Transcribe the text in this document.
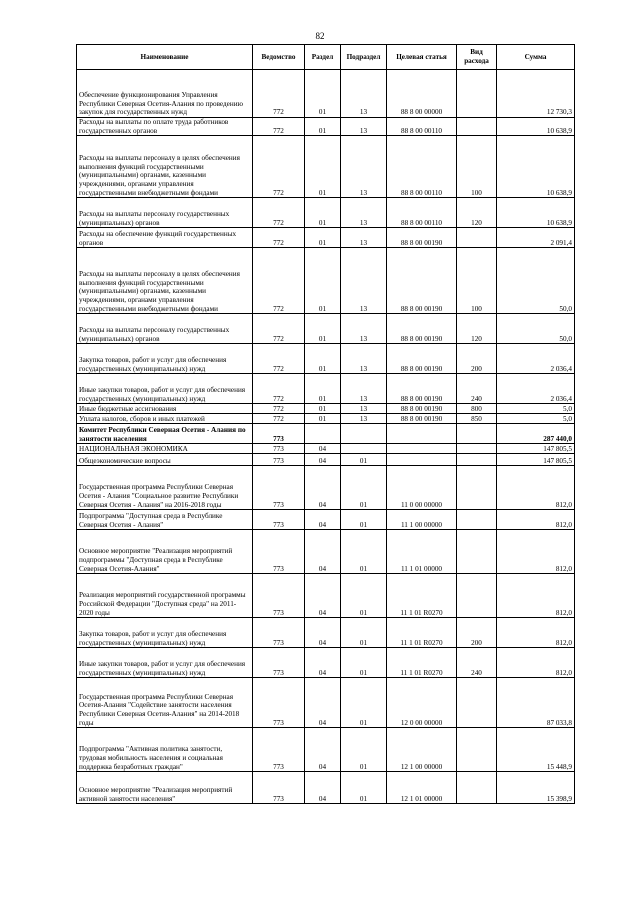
82
Наименование	Ведомство	Раздел	Подраздел	Целевая статья	Вид расхода	Сумма
Обеспечение функционирования Управления Республики Северная Осетия-Алания по проведению закупок для государственных нужд	772	01	13	88 8 00 00000		12 730,3
Расходы на выплаты по оплате труда работников государственных органов	772	01	13	88 8 00 00110		10 638,9
Расходы на выплаты персоналу в целях обеспечения выполнения функций государственными (муниципальными) органами, казенными учреждениями, органами управления государственными внебюджетными фондами	772	01	13	88 8 00 00110	100	10 638,9
Расходы на выплаты персоналу государственных (муниципальных) органов	772	01	13	88 8 00 00110	120	10 638,9
Расходы на обеспечение функций государственных органов	772	01	13	88 8 00 00190		2 091,4
Расходы на выплаты персоналу в целях обеспечения выполнения функций государственными (муниципальными) органами, казенными учреждениями, органами управления государственными внебюджетными фондами	772	01	13	88 8 00 00190	100	50,0
Расходы на выплаты персоналу государственных (муниципальных) органов	772	01	13	88 8 00 00190	120	50,0
Закупка товаров, работ и услуг для обеспечения государственных (муниципальных) нужд	772	01	13	88 8 00 00190	200	2 036,4
Иные закупки товаров, работ и услуг для обеспечения государственных (муниципальных) нужд	772	01	13	88 8 00 00190	240	2 036,4
Иные бюджетные ассигнования	772	01	13	88 8 00 00190	800	5,0
Уплата налогов, сборов и иных платежей	772	01	13	88 8 00 00190	850	5,0
Комитет Республики Северная Осетия - Алания по занятости населения	773					287 440,0
НАЦИОНАЛЬНАЯ ЭКОНОМИКА	773	04				147 805,5
Общеэкономические вопросы	773	04	01			147 805,5
Государственная программа Республики Северная Осетия - Алания "Социальное развитие Республики Северная Осетия - Алания" на 2016-2018 годы	773	04	01	11 0 00 00000		812,0
Подпрограмма "Доступная среда в Республике Северная Осетия - Алания"	773	04	01	11 1 00 00000		812,0
Основное мероприятие "Реализация мероприятий подпрограммы "Доступная среда в Республике Северная Осетия-Алания"	773	04	01	11 1 01 00000		812,0
Реализация мероприятий государственной программы Российской Федерации "Доступная среда" на 2011-2020 годы	773	04	01	11 1 01 R0270		812,0
Закупка товаров, работ и услуг для обеспечения государственных (муниципальных) нужд	773	04	01	11 1 01 R0270	200	812,0
Иные закупки товаров, работ и услуг для обеспечения государственных (муниципальных) нужд	773	04	01	11 1 01 R0270	240	812,0
Государственная программа Республики Северная Осетия-Алания "Содействие занятости населения Республики Северная Осетия-Алания" на 2014-2018 годы	773	04	01	12 0 00 00000		87 033,8
Подпрограмма "Активная политика занятости, трудовая мобильность населения и социальная поддержка безработных граждан"	773	04	01	12 1 00 00000		15 448,9
Основное мероприятие "Реализация мероприятий активной занятости населения"	773	04	01	12 1 01 00000		15 398,9
